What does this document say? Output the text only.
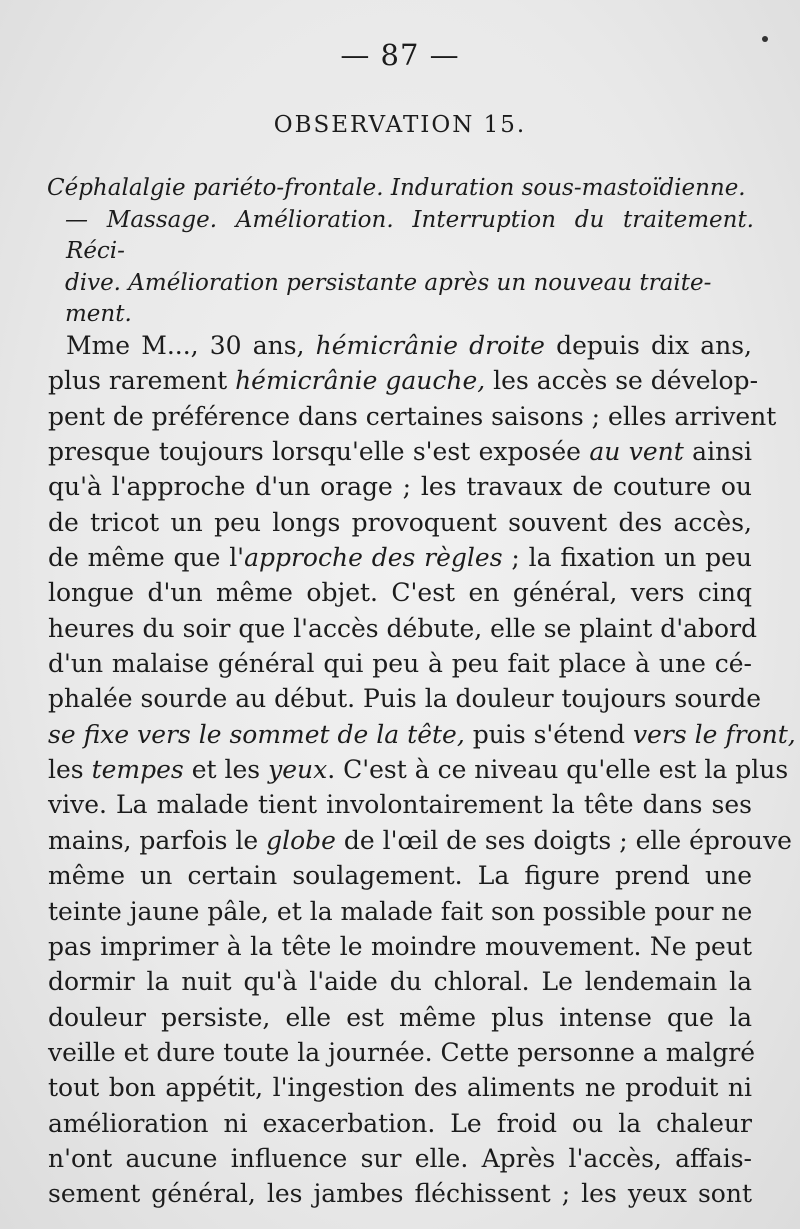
— 87 —
OBSERVATION 15.
Céphalalgie pariéto-frontale. Induration sous-mastoïdienne.
— Massage. Amélioration. Interruption du traitement. Réci-
dive. Amélioration persistante après un nouveau traite-
ment.
Mme M..., 30 ans, hémicrânie droite depuis dix ans,
plus rarement hémicrânie gauche, les accès se dévelop-
pent de préférence dans certaines saisons ; elles arrivent
presque toujours lorsqu'elle s'est exposée au vent ainsi
qu'à l'approche d'un orage ; les travaux de couture ou
de tricot un peu longs provoquent souvent des accès,
de même que l'approche des règles ; la fixation un peu
longue d'un même objet. C'est en général, vers cinq
heures du soir que l'accès débute, elle se plaint d'abord
d'un malaise général qui peu à peu fait place à une cé-
phalée sourde au début. Puis la douleur toujours sourde
se fixe vers le sommet de la tête, puis s'étend vers le front,
les tempes et les yeux. C'est à ce niveau qu'elle est la plus
vive. La malade tient involontairement la tête dans ses
mains, parfois le globe de l'œil de ses doigts ; elle éprouve
même un certain soulagement. La figure prend une
teinte jaune pâle, et la malade fait son possible pour ne
pas imprimer à la tête le moindre mouvement. Ne peut
dormir la nuit qu'à l'aide du chloral. Le lendemain la
douleur persiste, elle est même plus intense que la
veille et dure toute la journée. Cette personne a malgré
tout bon appétit, l'ingestion des aliments ne produit ni
amélioration ni exacerbation. Le froid ou la chaleur
n'ont aucune influence sur elle. Après l'accès, affais-
sement général, les jambes fléchissent ; les yeux sont
